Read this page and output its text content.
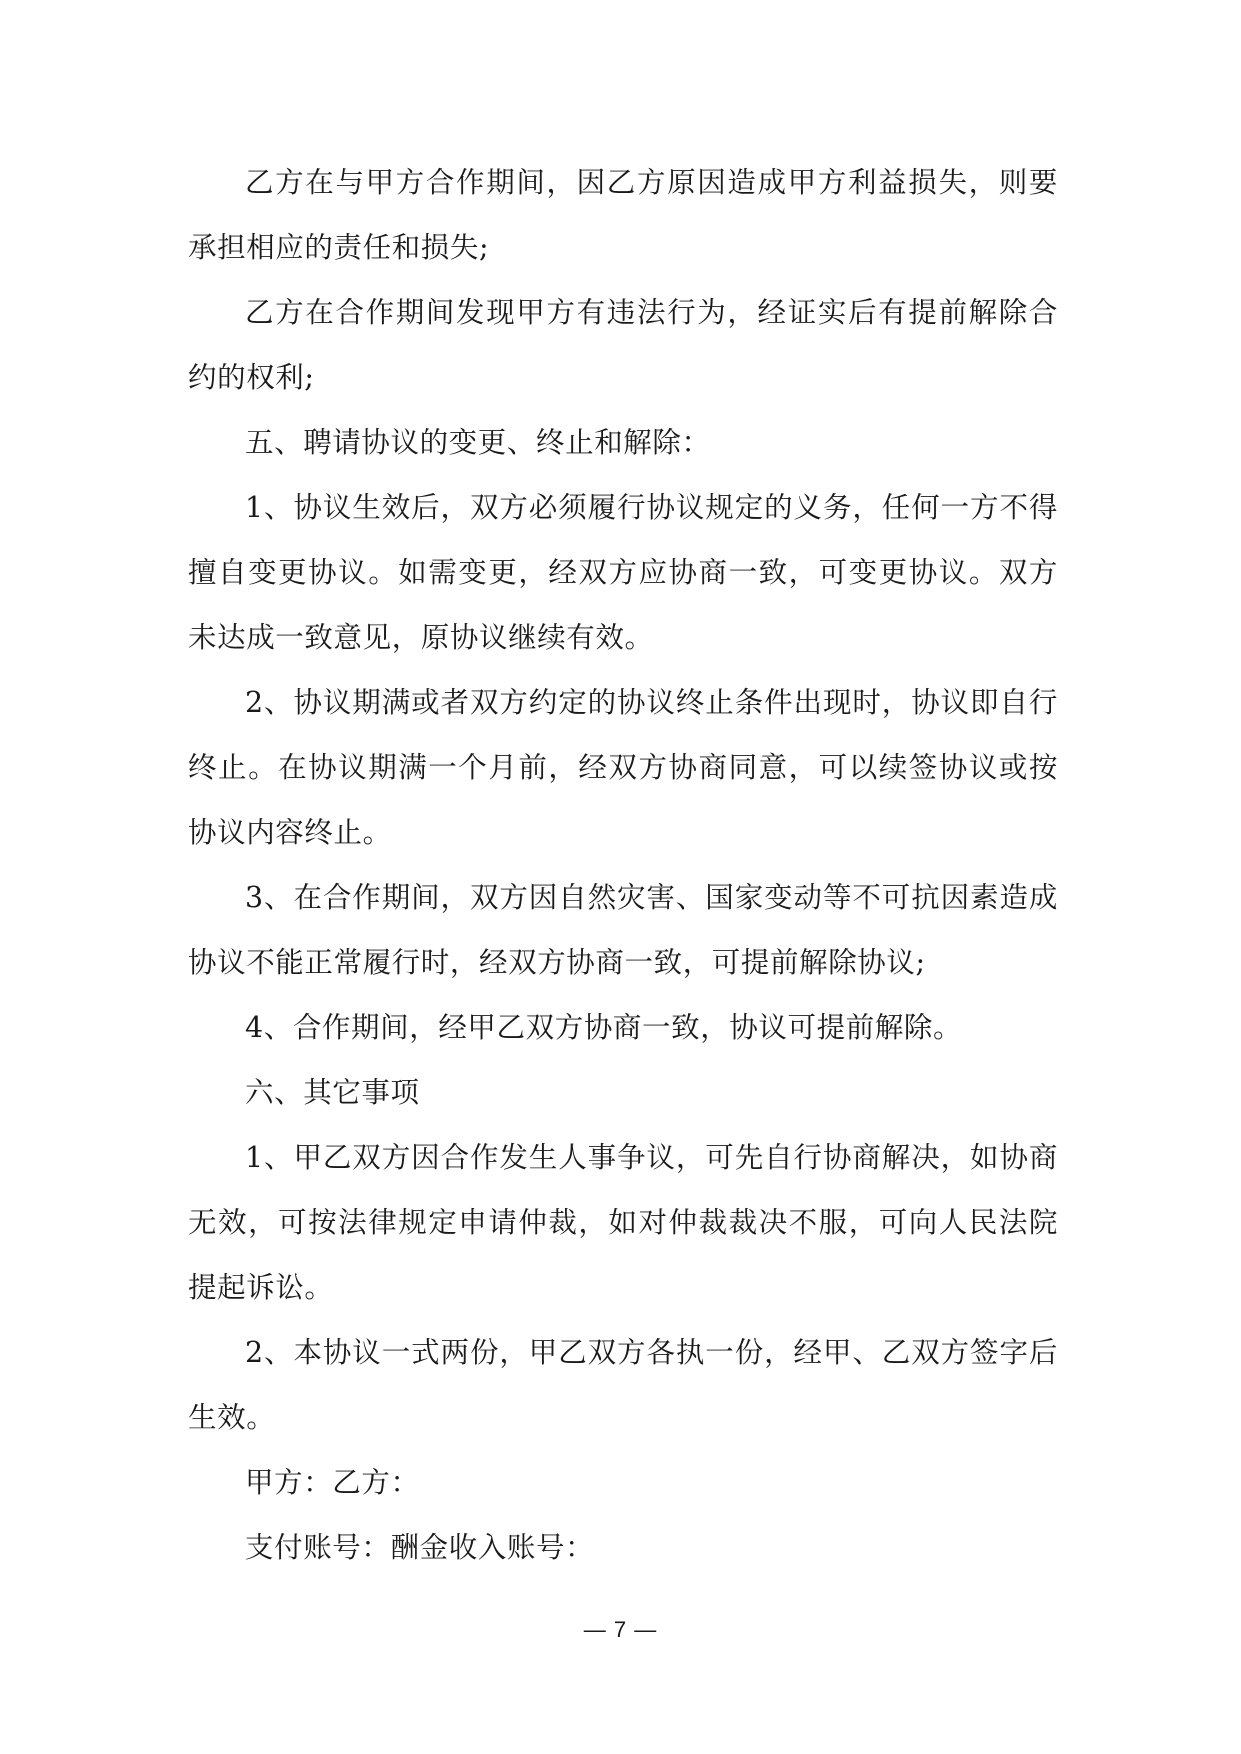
乙方在与甲方合作期间，因乙方原因造成甲方利益损失，则要承担相应的责任和损失;

乙方在合作期间发现甲方有违法行为，经证实后有提前解除合约的权利;

五、聘请协议的变更、终止和解除：

1、协议生效后，双方必须履行协议规定的义务，任何一方不得擅自变更协议。如需变更，经双方应协商一致，可变更协议。双方未达成一致意见，原协议继续有效。

2、协议期满或者双方约定的协议终止条件出现时，协议即自行终止。在协议期满一个月前，经双方协商同意，可以续签协议或按协议内容终止。

3、在合作期间，双方因自然灾害、国家变动等不可抗因素造成协议不能正常履行时，经双方协商一致，可提前解除协议;

4、合作期间，经甲乙双方协商一致，协议可提前解除。

六、其它事项

1、甲乙双方因合作发生人事争议，可先自行协商解决，如协商无效，可按法律规定申请仲裁，如对仲裁裁决不服，可向人民法院提起诉讼。

2、本协议一式两份，甲乙双方各执一份，经甲、乙双方签字后生效。

甲方：乙方：

支付账号：酬金收入账号：

— 7 —
